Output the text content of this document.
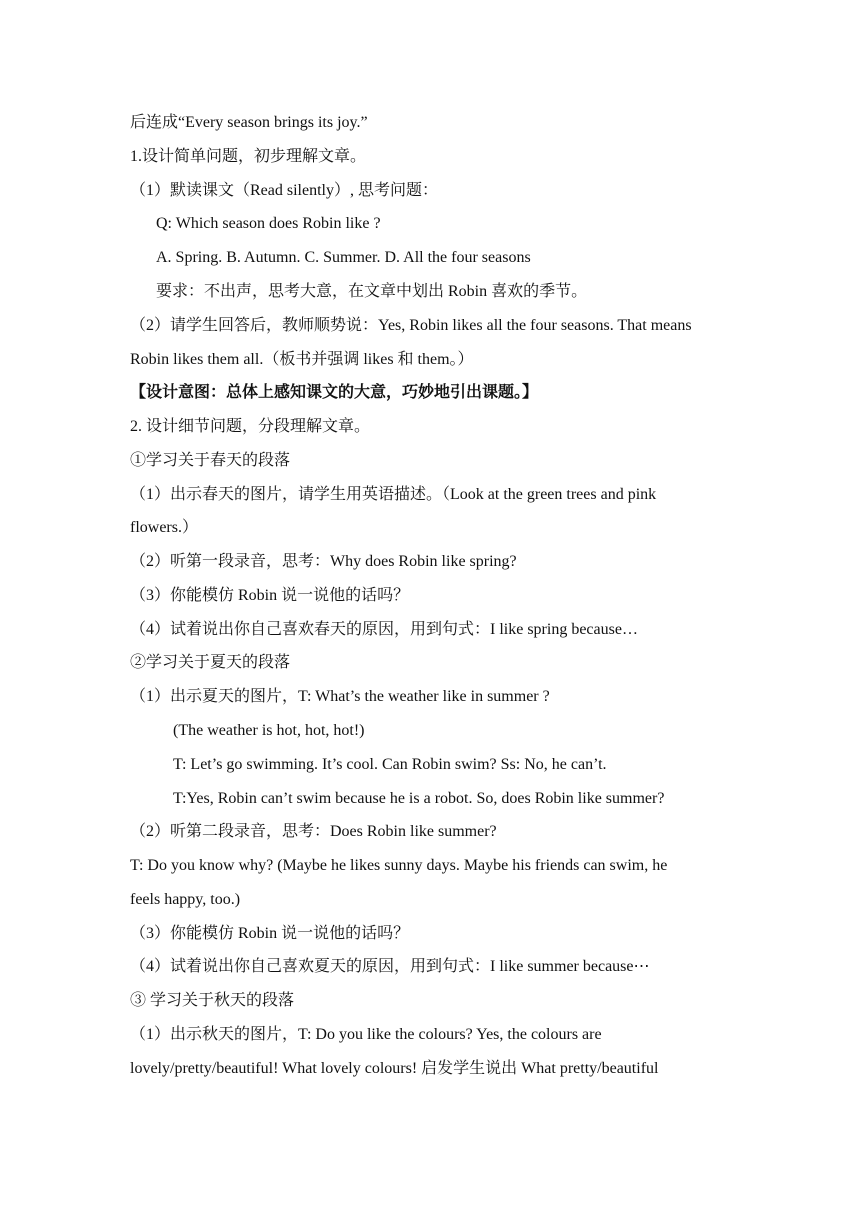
后连成“Every season brings its joy.”
1.设计简单问题，初步理解文章。
（1）默读课文（Read silently）, 思考问题：
Q: Which season does Robin like ?
A. Spring. B. Autumn. C. Summer. D. All the four seasons
要求：不出声，思考大意，在文章中划出 Robin 喜欢的季节。
（2）请学生回答后，教师顺势说：Yes, Robin likes all the four seasons. That means
Robin likes them all.（板书并强调 likes 和 them。）
【设计意图：总体上感知课文的大意，巧妙地引出课题。】
2. 设计细节问题，分段理解文章。
①学习关于春天的段落
（1）出示春天的图片，请学生用英语描述。（Look at the green trees and pink
flowers.）
（2）听第一段录音，思考：Why does Robin like spring?
（3）你能模仿 Robin 说一说他的话吗？
（4）试着说出你自己喜欢春天的原因，用到句式：I like spring because…
②学习关于夏天的段落
（1）出示夏天的图片，T: What’s the weather like in summer ?
(The weather is hot, hot, hot!)
T: Let’s go swimming. It’s cool. Can Robin swim? Ss: No, he can’t.
T:Yes, Robin can’t swim because he is a robot. So, does Robin like summer?
（2）听第二段录音，思考：Does Robin like summer?
T: Do you know why? (Maybe he likes sunny days. Maybe his friends can swim, he
feels happy, too.)
（3）你能模仿 Robin 说一说他的话吗？
（4）试着说出你自己喜欢夏天的原因，用到句式：I like summer because⋯
③ 学习关于秋天的段落
（1）出示秋天的图片，T: Do you like the colours? Yes, the colours are
lovely/pretty/beautiful! What lovely colours! 启发学生说出 What pretty/beautiful
